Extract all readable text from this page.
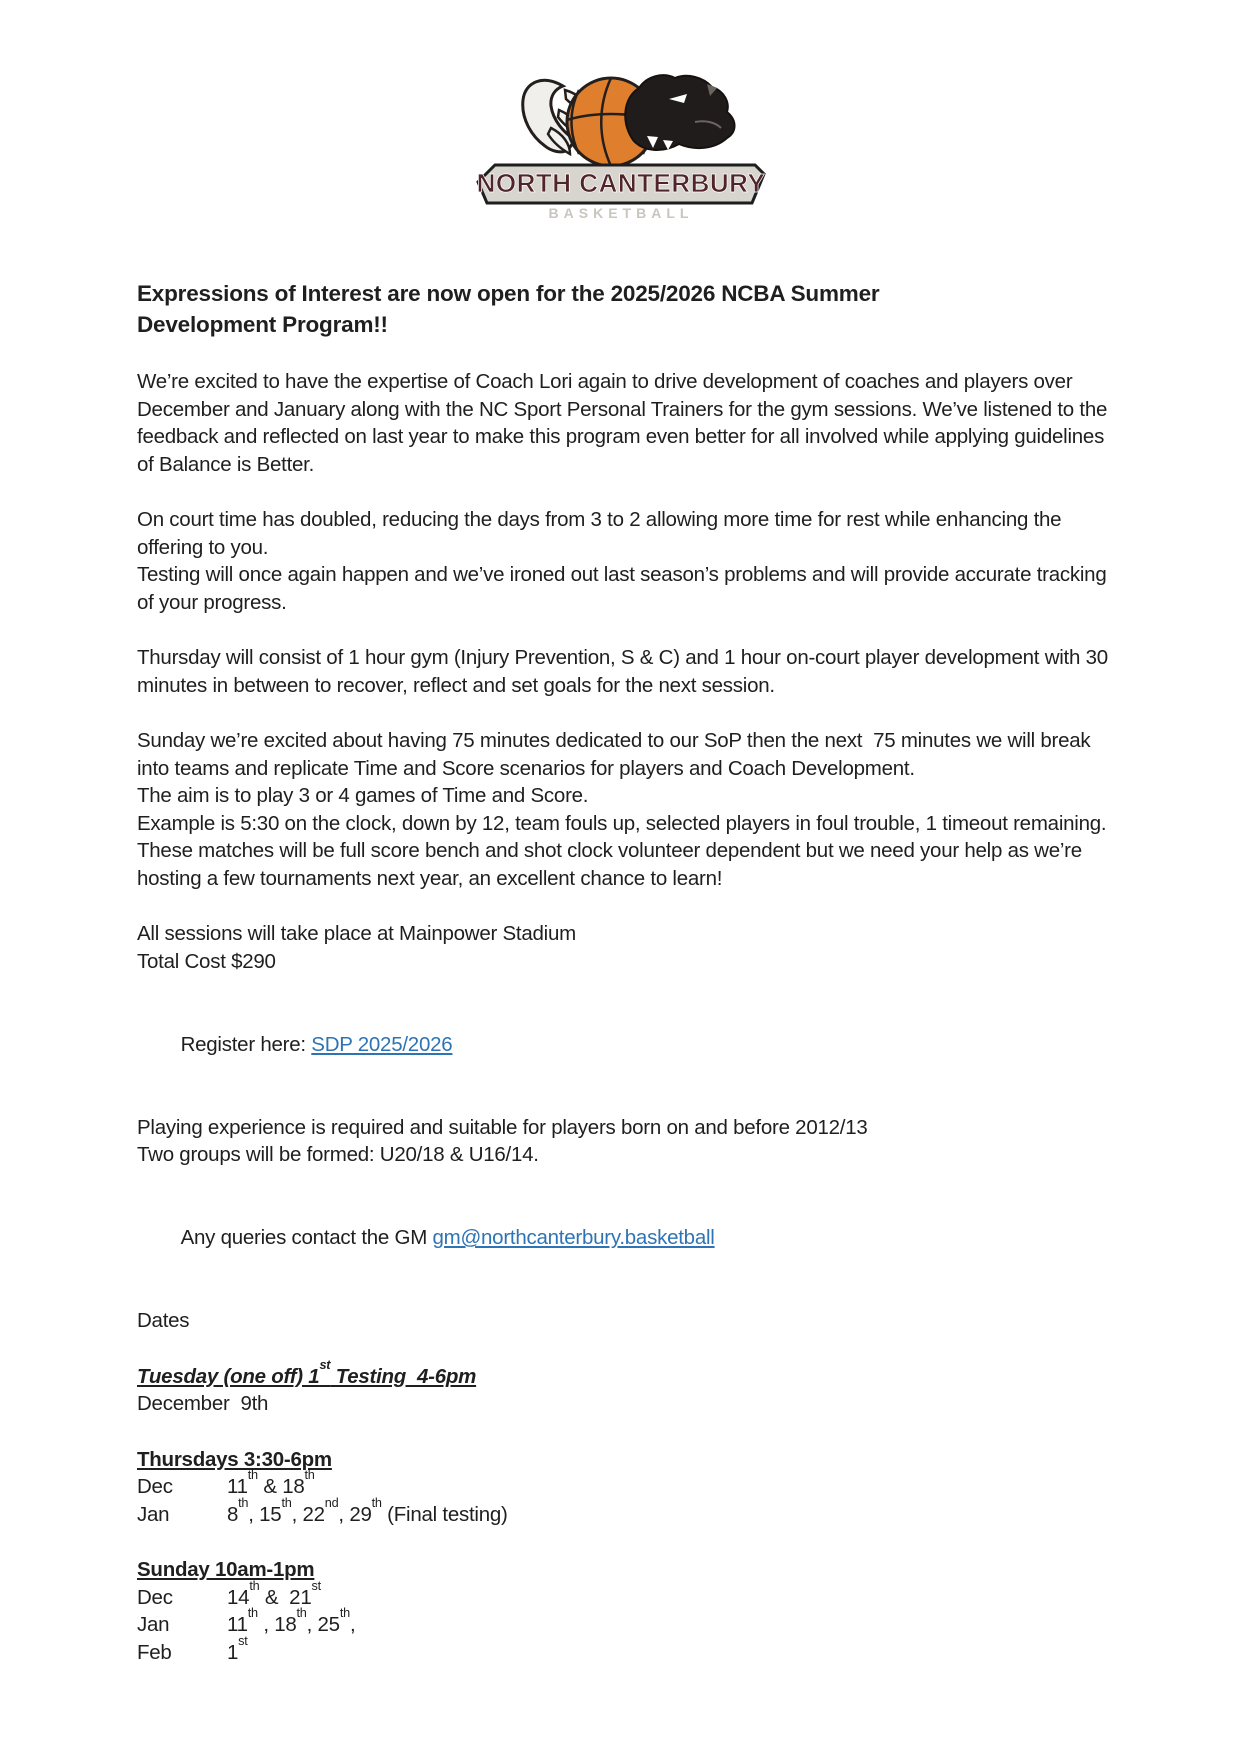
NORTH CANTERBURY
BASKETBALL
Expressions of Interest are now open for the 2025/2026 NCBA Summer
Development Program!!

We’re excited to have the expertise of Coach Lori again to drive development of coaches and players over December and January along with the NC Sport Personal Trainers for the gym sessions. We’ve listened to the feedback and reflected on last year to make this program even better for all involved while applying guidelines of Balance is Better.

On court time has doubled, reducing the days from 3 to 2 allowing more time for rest while enhancing the offering to you.

Testing will once again happen and we’ve ironed out last season’s problems and will provide accurate tracking of your progress.

Thursday will consist of 1 hour gym (Injury Prevention, S & C) and 1 hour on-court player development with 30 minutes in between to recover, reflect and set goals for the next session.

Sunday we’re excited about having 75 minutes dedicated to our SoP then the next  75 minutes we will break into teams and replicate Time and Score scenarios for players and Coach Development.

The aim is to play 3 or 4 games of Time and Score.

Example is 5:30 on the clock, down by 12, team fouls up, selected players in foul trouble, 1 timeout remaining.

These matches will be full score bench and shot clock volunteer dependent but we need your help as we’re hosting a few tournaments next year, an excellent chance to learn!

All sessions will take place at Mainpower Stadium

Total Cost $290

Register here: SDP 2025/2026

Playing experience is required and suitable for players born on and before 2012/13

Two groups will be formed: U20/18 & U16/14.

Any queries contact the GM gm@northcanterbury.basketball

Dates

Tuesday (one off) 1st Testing  4-6pm

December  9th

Thursdays 3:30-6pm

Dec	11th & 18th

Jan	8th, 15th, 22nd, 29th (Final testing)

Sunday 10am-1pm

Dec	14th &  21st

Jan	11th , 18th, 25th,

Feb	1st
